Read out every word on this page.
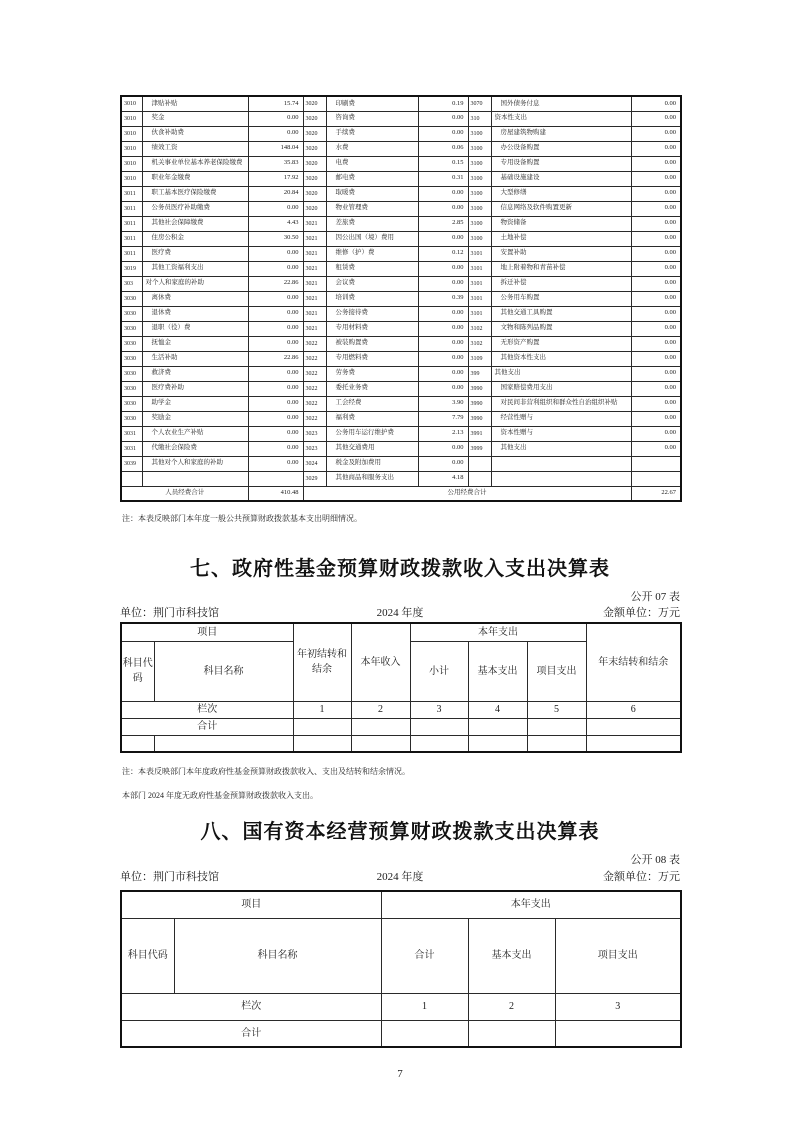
3010	津贴补贴	15.74	3020	印刷费	0.19	3070	国外债务付息	0.00
3010	奖金	0.00	3020	咨询费	0.00	310	资本性支出	0.00
3010	伙食补助费	0.00	3020	手续费	0.00	3100	房屋建筑物购建	0.00
3010	绩效工资	148.04	3020	水费	0.06	3100	办公设备购置	0.00
3010	机关事业单位基本养老保险缴费	35.83	3020	电费	0.15	3100	专用设备购置	0.00
3010	职业年金缴费	17.92	3020	邮电费	0.31	3100	基础设施建设	0.00
3011	职工基本医疗保险缴费	20.84	3020	取暖费	0.00	3100	大型修缮	0.00
3011	公务员医疗补助缴费	0.00	3020	物业管理费	0.00	3100	信息网络及软件购置更新	0.00
3011	其他社会保障缴费	4.43	3021	差旅费	2.85	3100	物资储备	0.00
3011	住房公积金	30.50	3021	因公出国（境）费用	0.00	3100	土地补偿	0.00
3011	医疗费	0.00	3021	维修（护）费	0.12	3101	安置补助	0.00
3019	其他工资福利支出	0.00	3021	租赁费	0.00	3101	地上附着物和青苗补偿	0.00
303	对个人和家庭的补助	22.86	3021	会议费	0.00	3101	拆迁补偿	0.00
3030	离休费	0.00	3021	培训费	0.39	3101	公务用车购置	0.00
3030	退休费	0.00	3021	公务接待费	0.00	3101	其他交通工具购置	0.00
3030	退职（役）费	0.00	3021	专用材料费	0.00	3102	文物和陈列品购置	0.00
3030	抚恤金	0.00	3022	被装购置费	0.00	3102	无形资产购置	0.00
3030	生活补助	22.86	3022	专用燃料费	0.00	3109	其他资本性支出	0.00
3030	救济费	0.00	3022	劳务费	0.00	399	其他支出	0.00
3030	医疗费补助	0.00	3022	委托业务费	0.00	3990	国家赔偿费用支出	0.00
3030	助学金	0.00	3022	工会经费	3.90	3990	对民间非营利组织和群众性自治组织补贴	0.00
3030	奖励金	0.00	3022	福利费	7.79	3990	经营性赠与	0.00
3031	个人农业生产补贴	0.00	3023	公务用车运行维护费	2.13	3991	资本性赠与	0.00
3031	代缴社会保险费	0.00	3023	其他交通费用	0.00	3999	其他支出	0.00
3039	其他对个人和家庭的补助	0.00	3024	税金及附加费用	0.00			
			3029	其他商品和服务支出	4.18			
人员经费合计		410.48	公用经费合计					22.67
注：本表反映部门本年度一般公共预算财政拨款基本支出明细情况。
七、政府性基金预算财政拨款收入支出决算表
公开 07 表
单位：荆门市科技馆	2024 年度	金额单位：万元
项目		年初结转和结余	本年收入	本年支出			年末结转和结余
科目代码	科目名称			小计	基本支出	项目支出	
栏次		1	2	3	4	5	6
合计							

注：本表反映部门本年度政府性基金预算财政拨款收入、支出及结转和结余情况。
本部门 2024 年度无政府性基金预算财政拨款收入支出。
八、国有资本经营预算财政拨款支出决算表
公开 08 表
单位：荆门市科技馆	2024 年度	金额单位：万元
项目		本年支出		
科目代码	科目名称	合计	基本支出	项目支出
栏次		1	2	3
合计				
7
